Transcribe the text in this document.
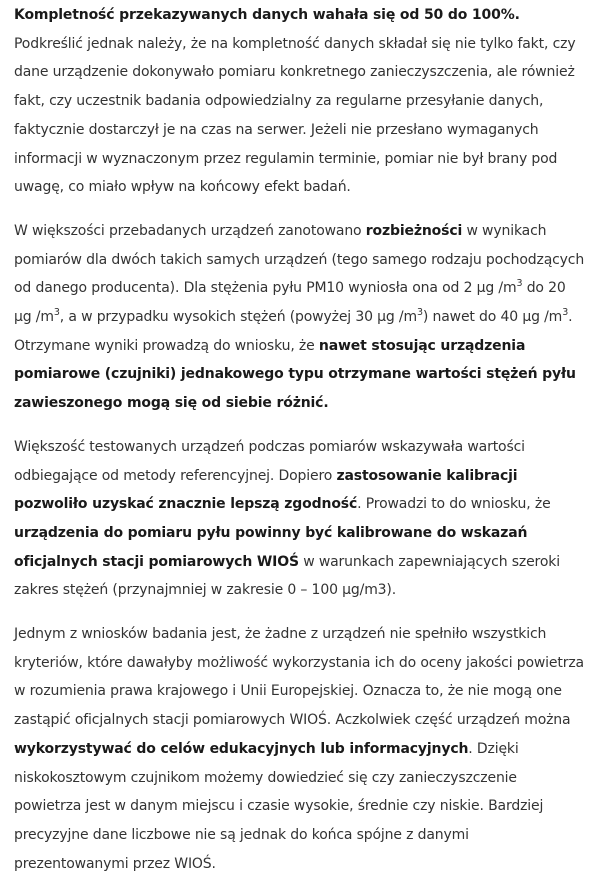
Kompletność przekazywanych danych wahała się od 50 do 100%. Podkreślić jednak należy, że na kompletność danych składał się nie tylko fakt, czy dane urządzenie dokonywało pomiaru konkretnego zanieczyszczenia, ale również fakt, czy uczestnik badania odpowiedzialny za regularne przesyłanie danych, faktycznie dostarczył je na czas na serwer. Jeżeli nie przesłano wymaganych informacji w wyznaczonym przez regulamin terminie, pomiar nie był brany pod uwagę, co miało wpływ na końcowy efekt badań.

W większości przebadanych urządzeń zanotowano rozbieżności w wynikach pomiarów dla dwóch takich samych urządzeń (tego samego rodzaju pochodzących od danego producenta). Dla stężenia pyłu PM10 wyniosła ona od 2 µg $/m^3$ do 20 µg $/m^3$, a w przypadku wysokich stężeń (powyżej 30 µg $/m^3$) nawet do 40 µg $/m^3$. Otrzymane wyniki prowadzą do wniosku, że nawet stosując urządzenia pomiarowe (czujniki) jednakowego typu otrzymane wartości stężeń pyłu zawieszonego mogą się od siebie różnić.

Większość testowanych urządzeń podczas pomiarów wskazywała wartości odbiegające od metody referencyjnej. Dopiero zastosowanie kalibracji pozwoliło uzyskać znacznie lepszą zgodność. Prowadzi to do wniosku, że urządzenia do pomiaru pyłu powinny być kalibrowane do wskazań oficjalnych stacji pomiarowych WIOŚ w warunkach zapewniających szeroki zakres stężeń (przynajmniej w zakresie 0 – 100 µg/m3).

Jednym z wniosków badania jest, że żadne z urządzeń nie spełniło wszystkich kryteriów, które dawałyby możliwość wykorzystania ich do oceny jakości powietrza w rozumienia prawa krajowego i Unii Europejskiej. Oznacza to, że nie mogą one zastąpić oficjalnych stacji pomiarowych WIOŚ. Aczkolwiek część urządzeń można wykorzystywać do celów edukacyjnych lub informacyjnych. Dzięki niskokosztowym czujnikom możemy dowiedzieć się czy zanieczyszczenie powietrza jest w danym miejscu i czasie wysokie, średnie czy niskie. Bardziej precyzyjne dane liczbowe nie są jednak do końca spójne z danymi prezentowanymi przez WIOŚ.
